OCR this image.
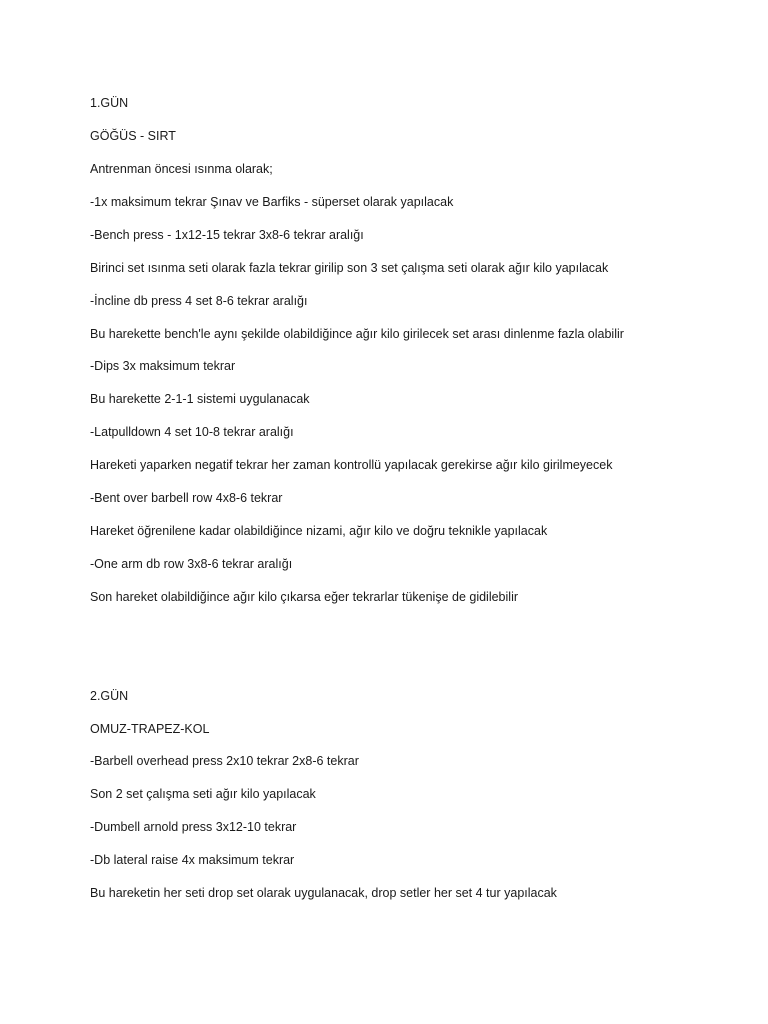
1.GÜN
GÖĞÜS - SIRT
Antrenman öncesi ısınma olarak;
-1x maksimum tekrar Şınav ve Barfiks - süperset olarak yapılacak
-Bench press - 1x12-15 tekrar 3x8-6 tekrar aralığı
Birinci set ısınma seti olarak fazla tekrar girilip son 3 set çalışma seti olarak ağır kilo yapılacak
-İncline db press 4 set 8-6 tekrar aralığı
Bu harekette bench'le aynı şekilde olabildiğince ağır kilo girilecek set arası dinlenme fazla olabilir
-Dips 3x maksimum tekrar
Bu harekette 2-1-1 sistemi uygulanacak
-Latpulldown 4 set 10-8 tekrar aralığı
Hareketi yaparken negatif tekrar her zaman kontrollü yapılacak gerekirse ağır kilo girilmeyecek
-Bent over barbell row 4x8-6 tekrar
Hareket öğrenilene kadar olabildiğince nizami, ağır kilo ve doğru teknikle yapılacak
-One arm db row 3x8-6 tekrar aralığı
Son hareket olabildiğince ağır kilo çıkarsa eğer tekrarlar tükenişe de gidilebilir
2.GÜN
OMUZ-TRAPEZ-KOL
-Barbell overhead press 2x10 tekrar 2x8-6 tekrar
Son 2 set çalışma seti ağır kilo yapılacak
-Dumbell arnold press 3x12-10 tekrar
-Db lateral raise 4x maksimum tekrar
Bu hareketin her seti drop set olarak uygulanacak, drop setler her set 4 tur yapılacak
